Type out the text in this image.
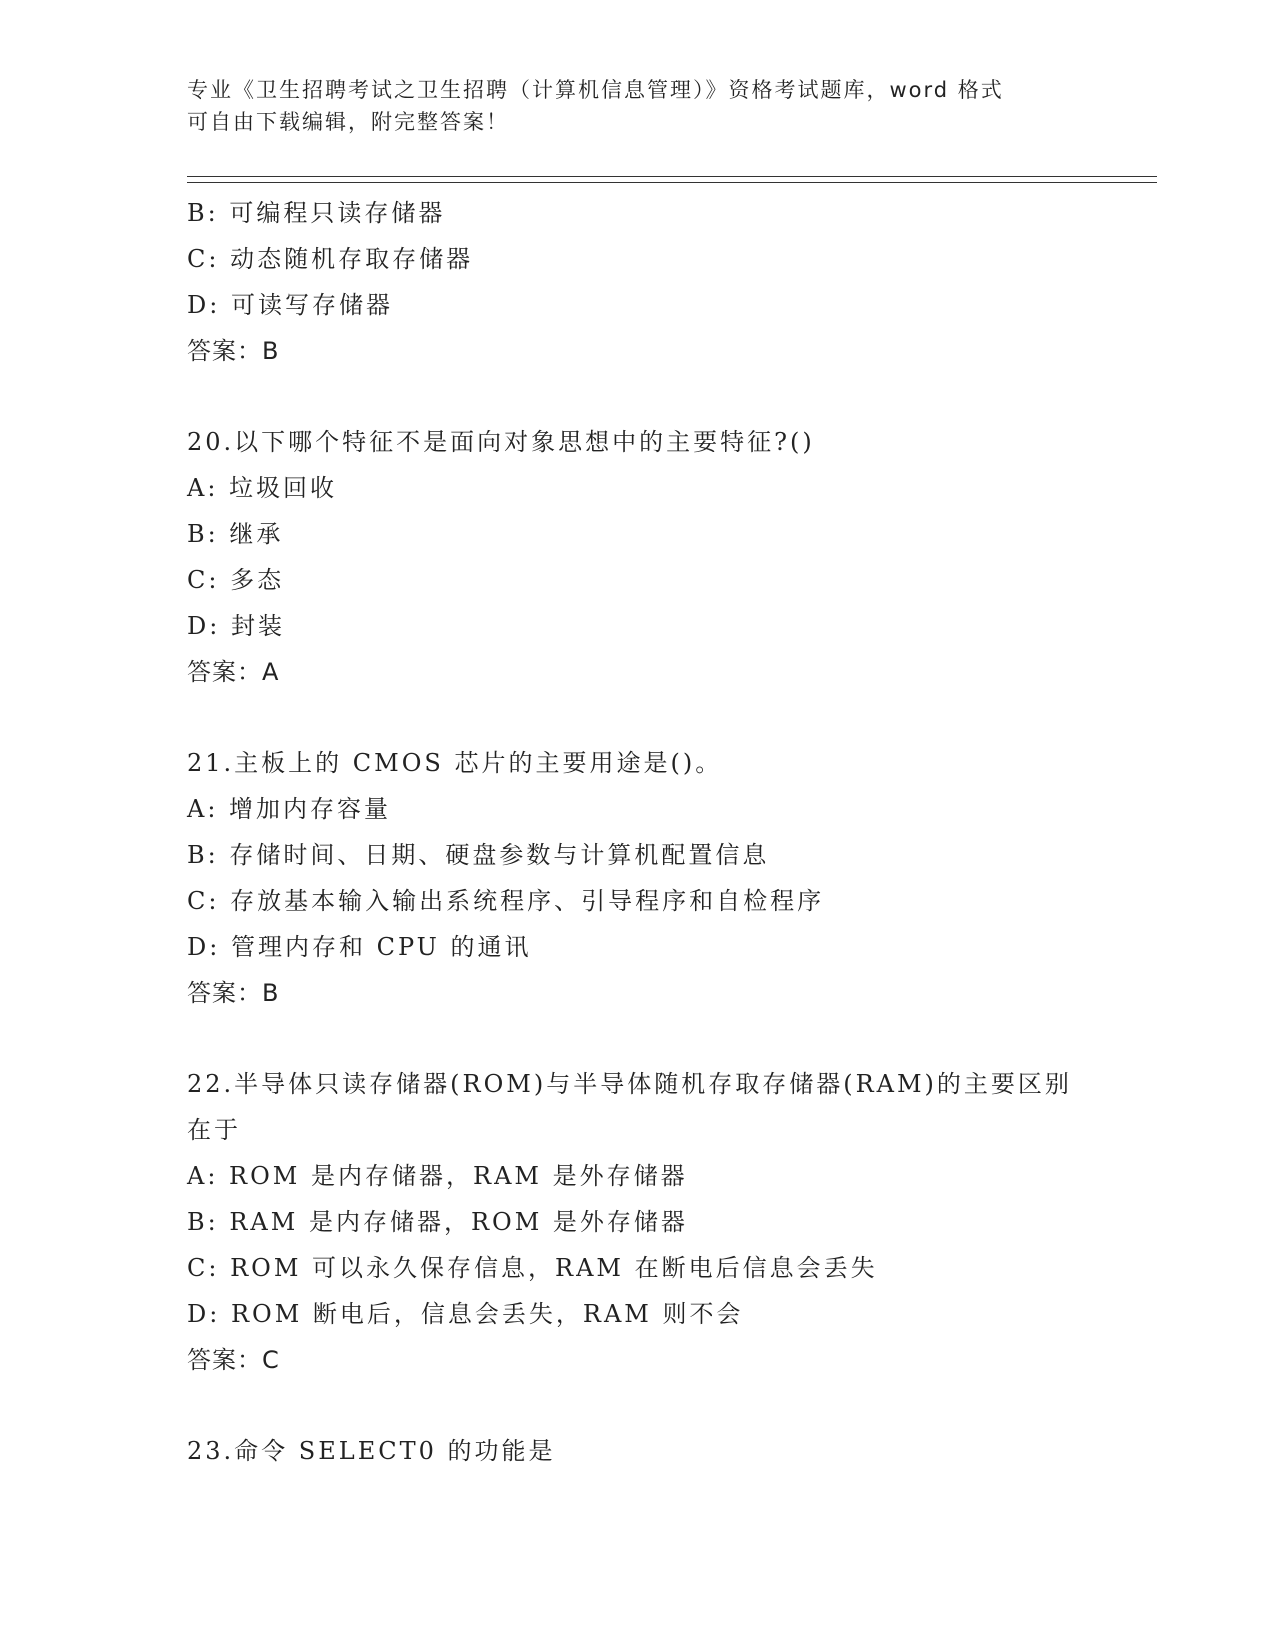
专业《卫生招聘考试之卫生招聘（计算机信息管理）》资格考试题库，word 格式
可自由下载编辑，附完整答案！
B: 可编程只读存储器
C: 动态随机存取存储器
D: 可读写存储器
答案：B
20.以下哪个特征不是面向对象思想中的主要特征?()
A: 垃圾回收
B: 继承
C: 多态
D: 封装
答案：A
21.主板上的 CMOS 芯片的主要用途是()。
A: 增加内存容量
B: 存储时间、日期、硬盘参数与计算机配置信息
C: 存放基本输入输出系统程序、引导程序和自检程序
D: 管理内存和 CPU 的通讯
答案：B
22.半导体只读存储器(ROM)与半导体随机存取存储器(RAM)的主要区别
在于
A: ROM 是内存储器，RAM 是外存储器
B: RAM 是内存储器，ROM 是外存储器
C: ROM 可以永久保存信息，RAM 在断电后信息会丢失
D: ROM 断电后，信息会丢失，RAM 则不会
答案：C
23.命令 SELECT0 的功能是
